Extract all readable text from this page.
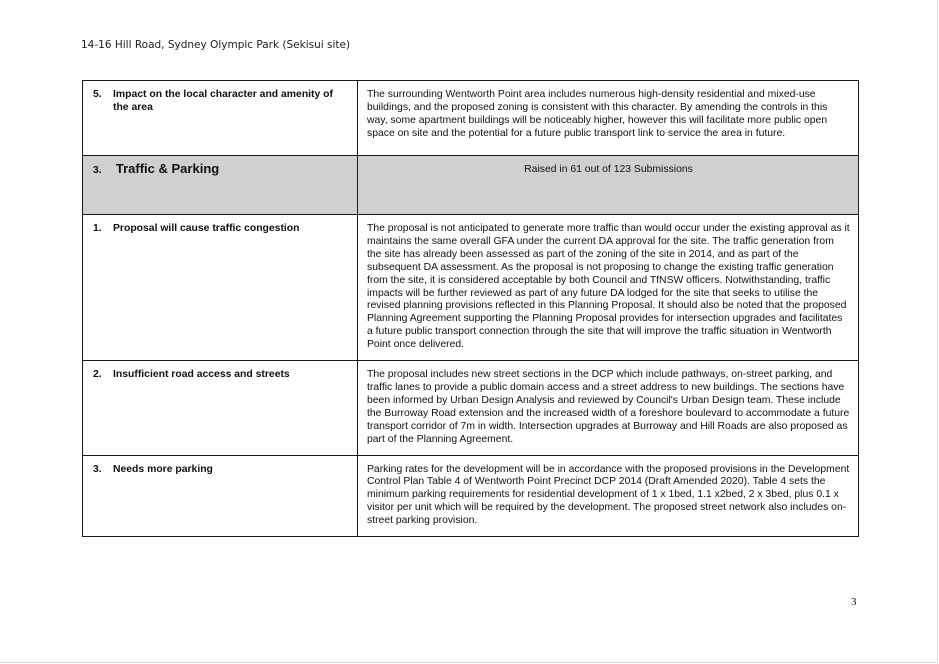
14-16 Hill Road, Sydney Olympic Park (Sekisui site)
5. Impact on the local character and amenity of the area	The surrounding Wentworth Point area includes numerous high-density residential and mixed-use buildings, and the proposed zoning is consistent with this character. By amending the controls in this way, some apartment buildings will be noticeably higher, however this will facilitate more public open space on site and the potential for a future public transport link to service the area in future.
3. Traffic & Parking	Raised in 61 out of 123 Submissions

1. Proposal will cause traffic congestion	The proposal is not anticipated to generate more traffic than would occur under the existing approval as it maintains the same overall GFA under the current DA approval for the site. The traffic generation from the site has already been assessed as part of the zoning of the site in 2014, and as part of the subsequent DA assessment. As the proposal is not proposing to change the existing traffic generation from the site, it is considered acceptable by both Council and TfNSW officers. Notwithstanding, traffic impacts will be further reviewed as part of any future DA lodged for the site that seeks to utilise the revised planning provisions reflected in this Planning Proposal. It should also be noted that the proposed Planning Agreement supporting the Planning Proposal provides for intersection upgrades and facilitates a future public transport connection through the site that will improve the traffic situation in Wentworth Point once delivered.

2. Insufficient road access and streets	The proposal includes new street sections in the DCP which include pathways, on-street parking, and traffic lanes to provide a public domain access and a street address to new buildings. The sections have been informed by Urban Design Analysis and reviewed by Council's Urban Design team. These include the Burroway Road extension and the increased width of a foreshore boulevard to accommodate a future transport corridor of 7m in width. Intersection upgrades at Burroway and Hill Roads are also proposed as part of the Planning Agreement.

3. Needs more parking	Parking rates for the development will be in accordance with the proposed provisions in the Development Control Plan Table 4 of Wentworth Point Precinct DCP 2014 (Draft Amended 2020). Table 4 sets the minimum parking requirements for residential development of 1 x 1bed, 1.1 x2bed, 2 x 3bed, plus 0.1 x visitor per unit which will be required by the development. The proposed street network also includes on-street parking provision.
3
